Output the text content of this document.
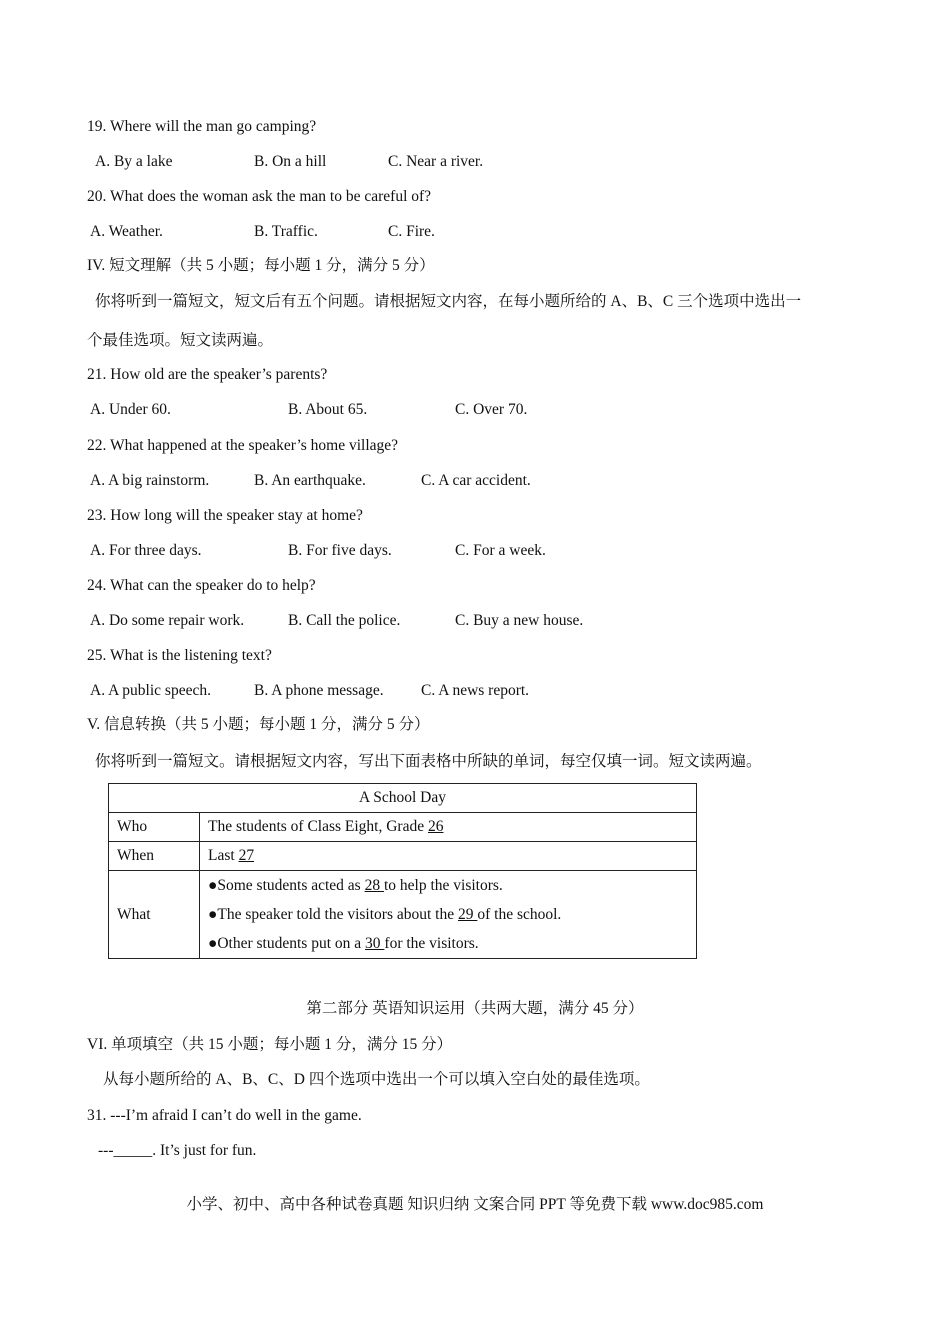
19. Where will the man go camping?
A. By a lake	B. On a hill	C. Near a river.
20. What does the woman ask the man to be careful of?
A. Weather.	B. Traffic.	C. Fire.
IV. 短文理解（共 5 小题；每小题 1 分，满分 5 分）
你将听到一篇短文，短文后有五个问题。请根据短文内容，在每小题所给的 A、B、C 三个选项中选出一
个最佳选项。短文读两遍。
21. How old are the speaker’s parents?
A. Under 60.	B. About 65.	C. Over 70.
22. What happened at the speaker’s home village?
A. A big rainstorm.	B. An earthquake.	C. A car accident.
23. How long will the speaker stay at home?
A. For three days.	B. For five days.	C. For a week.
24. What can the speaker do to help?
A. Do some repair work.	B. Call the police.	C. Buy a new house.
25. What is the listening text?
A. A public speech.	B. A phone message. C. A news report.
V. 信息转换（共 5 小题；每小题 1 分，满分 5 分）
你将听到一篇短文。请根据短文内容，写出下面表格中所缺的单词，每空仅填一词。短文读两遍。
A School Day	
Who	The students of Class Eight, Grade 26
When	Last 27
What	●Some students acted as 28 to help the visitors.
●The speaker told the visitors about the 29 of the school.
●Other students put on a 30 for the visitors.
第二部分 英语知识运用（共两大题，满分 45 分）
VI. 单项填空（共 15 小题；每小题 1 分，满分 15 分）
从每小题所给的 A、B、C、D 四个选项中选出一个可以填入空白处的最佳选项。
31. ---I’m afraid I can’t do well in the game.
---_____. It’s just for fun.
小学、初中、高中各种试卷真题 知识归纳 文案合同 PPT 等免费下载 www.doc985.com
